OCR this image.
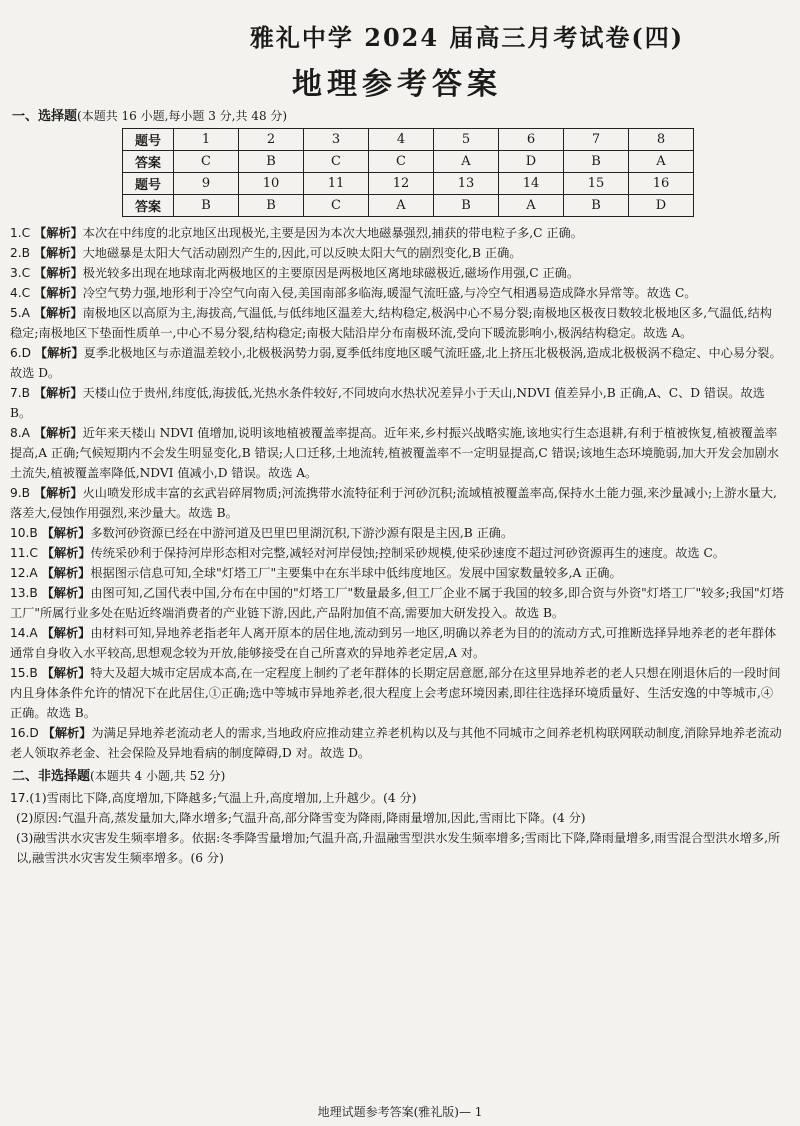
雅礼中学 2024 届高三月考试卷(四)
地理参考答案
一、选择题(本题共 16 小题,每小题 3 分,共 48 分)
题号	1	2	3	4	5	6	7	8
答案	C	B	C	C	A	D	B	A
题号	9	10	11	12	13	14	15	16
答案	B	B	C	A	B	A	B	D

1.C 【解析】本次在中纬度的北京地区出现极光,主要是因为本次大地磁暴强烈,捕获的带电粒子多,C 正确。

2.B 【解析】大地磁暴是太阳大气活动剧烈产生的,因此,可以反映太阳大气的剧烈变化,B 正确。

3.C 【解析】极光较多出现在地球南北两极地区的主要原因是两极地区离地球磁极近,磁场作用强,C 正确。

4.C 【解析】冷空气势力强,地形利于冷空气向南入侵,美国南部多临海,暖湿气流旺盛,与冷空气相遇易造成降水异常等。故选 C。

5.A 【解析】南极地区以高原为主,海拔高,气温低,与低纬地区温差大,结构稳定,极涡中心不易分裂;南极地区极夜日数较北极地区多,气温低,结构稳定;南极地区下垫面性质单一,中心不易分裂,结构稳定;南极大陆沿岸分布南极环流,受向下暖流影响小,极涡结构稳定。故选 A。

6.D 【解析】夏季北极地区与赤道温差较小,北极极涡势力弱,夏季低纬度地区暖气流旺盛,北上挤压北极极涡,造成北极极涡不稳定、中心易分裂。故选 D。

7.B 【解析】天楼山位于贵州,纬度低,海拔低,光热水条件较好,不同坡向水热状况差异小于天山,NDVI 值差异小,B 正确,A、C、D 错误。故选 B。

8.A 【解析】近年来天楼山 NDVI 值增加,说明该地植被覆盖率提高。近年来,乡村振兴战略实施,该地实行生态退耕,有利于植被恢复,植被覆盖率提高,A 正确;气候短期内不会发生明显变化,B 错误;人口迁移,土地流转,植被覆盖率不一定明显提高,C 错误;该地生态环境脆弱,加大开发会加剧水土流失,植被覆盖率降低,NDVI 值减小,D 错误。故选 A。

9.B 【解析】火山喷发形成丰富的玄武岩碎屑物质;河流携带水流特征利于河砂沉积;流域植被覆盖率高,保持水土能力强,来沙量减小;上游水量大,落差大,侵蚀作用强烈,来沙量大。故选 B。

10.B 【解析】多数河砂资源已经在中游河道及巴里巴里湖沉积,下游沙源有限是主因,B 正确。

11.C 【解析】传统采砂利于保持河岸形态相对完整,减轻对河岸侵蚀;控制采砂规模,使采砂速度不超过河砂资源再生的速度。故选 C。

12.A 【解析】根据图示信息可知,全球"灯塔工厂"主要集中在东半球中低纬度地区。发展中国家数量较多,A 正确。

13.B 【解析】由图可知,乙国代表中国,分布在中国的"灯塔工厂"数量最多,但工厂企业不属于我国的较多,即合资与外资"灯塔工厂"较多;我国"灯塔工厂"所属行业多处在贴近终端消费者的产业链下游,因此,产品附加值不高,需要加大研发投入。故选 B。

14.A 【解析】由材料可知,异地养老指老年人离开原本的居住地,流动到另一地区,明确以养老为目的的流动方式,可推断选择异地养老的老年群体通常自身收入水平较高,思想观念较为开放,能够接受在自己所喜欢的异地养老定居,A 对。

15.B 【解析】特大及超大城市定居成本高,在一定程度上制约了老年群体的长期定居意愿,部分在这里异地养老的老人只想在刚退休后的一段时间内且身体条件允许的情况下在此居住,①正确;选中等城市异地养老,很大程度上会考虑环境因素,即往往选择环境质量好、生活安逸的中等城市,④正确。故选 B。

16.D 【解析】为满足异地养老流动老人的需求,当地政府应推动建立养老机构以及与其他不同城市之间养老机构联网联动制度,消除异地养老流动老人领取养老金、社会保险及异地看病的制度障碍,D 对。故选 D。

二、非选择题(本题共 4 小题,共 52 分)

17.(1)雪雨比下降,高度增加,下降越多;气温上升,高度增加,上升越少。(4 分)

(2)原因:气温升高,蒸发量加大,降水增多;气温升高,部分降雪变为降雨,降雨量增加,因此,雪雨比下降。(4 分)

(3)融雪洪水灾害发生频率增多。依据:冬季降雪量增加;气温升高,升温融雪型洪水发生频率增多;雪雨比下降,降雨量增多,雨雪混合型洪水增多,所以,融雪洪水灾害发生频率增多。(6 分)

地理试题参考答案(雅礼版)— 1
